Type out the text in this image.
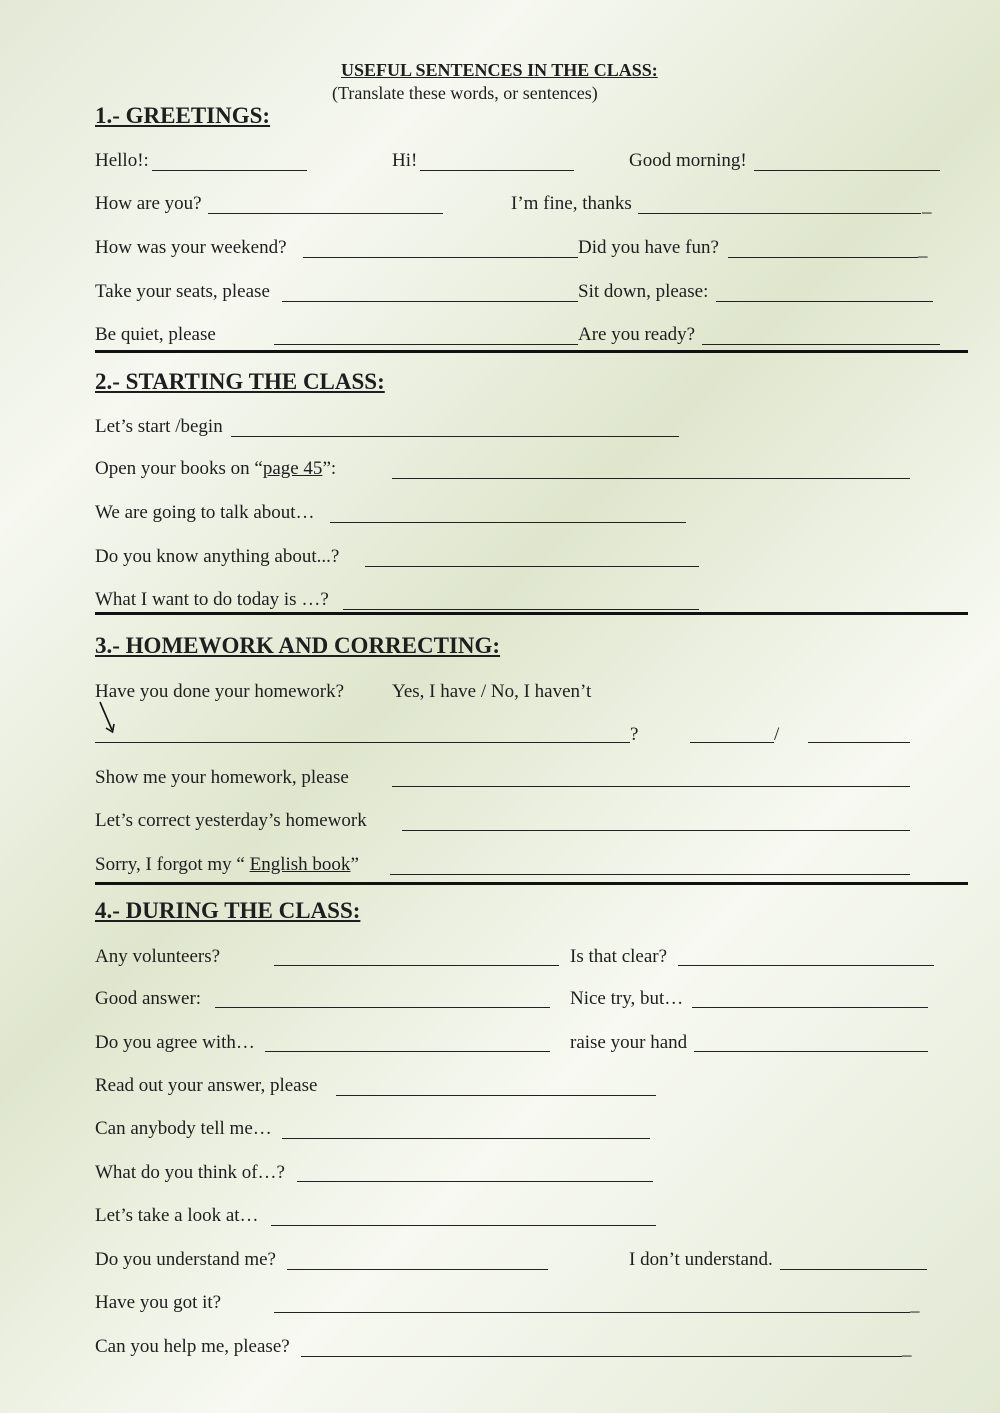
USEFUL SENTENCES IN THE CLASS:
(Translate these words, or sentences)
1.- GREETINGS:
Hello!:	Hi!	Good morning!
How are you?	I’m fine, thanks	_
How was your weekend?	Did you have fun?	_
Take your seats, please	Sit down, please:
Be quiet, please	Are you ready?
2.- STARTING THE CLASS:
Let’s start /begin
Open your books on “page 45”:
We are going to talk about…
Do you know anything about...?
What I want to do today is …?
3.- HOMEWORK AND CORRECTING:
Have you done your homework?	Yes, I have / No, I haven’t
?	/
Show me your homework, please
Let’s correct yesterday’s homework
Sorry, I forgot my “ English book”
4.- DURING THE CLASS:
Any volunteers?	Is that clear?
Good answer:	Nice try, but…
Do you agree with…	raise your hand
Read out your answer, please
Can anybody tell me…
What do you think of…?
Let’s take a look at…
Do you understand me?	I don’t understand.
Have you got it?	_
Can you help me, please?	_
